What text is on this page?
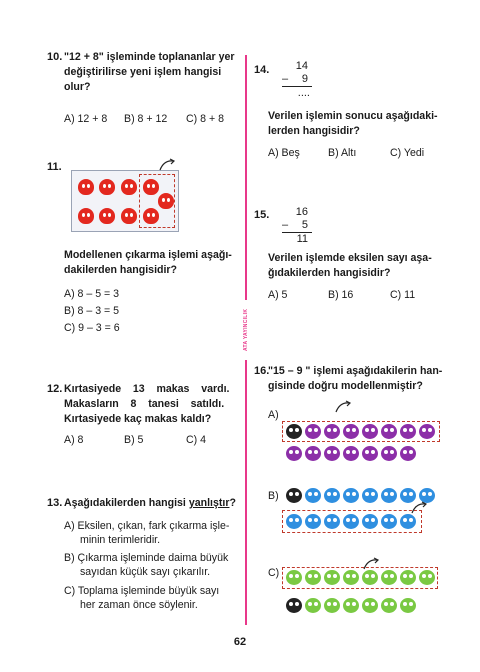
10. "12 + 8" işleminde toplananlar yer
değiştirilirse yeni işlem hangisi
olur?
A) 12 + 8 B) 8 + 12 C) 8 + 8
11.
Modellenen çıkarma işlemi aşağı-
dakilerden hangisidir?
A) 8 – 5 = 3
B) 8 – 3 = 5
C) 9 – 3 = 6
12. Kırtasiyede    13    makas    vardı.
Makasların    8    tanesi    satıldı.
Kırtasiyede kaç makas kaldı?
A) 8	B) 5	C) 4
13. Aşağıdakilerden hangisi yanlıştır ?
A) Eksilen, çıkan, fark çıkarma işle-
minin terimleridir.
B) Çıkarma işleminde daima büyük
sayıdan küçük sayı çıkarılır.
C) Toplama işleminde büyük sayı
her zaman önce söylenir.
ATA YAYINCILIK
14.	14
– 9
....
Verilen işlemin sonucu aşağıdaki-
lerden hangisidir?
A) Beş	B) Altı	C) Yedi
15.	16
– 5
11
Verilen işlemde eksilen sayı aşa-
ğıdakilerden hangisidir?
A) 5	B) 16	C) 11
16.
"15 – 9 " işlemi aşağıdakilerin han-
gisinde doğru modellenmiştir?
A)
B)
C)
62
